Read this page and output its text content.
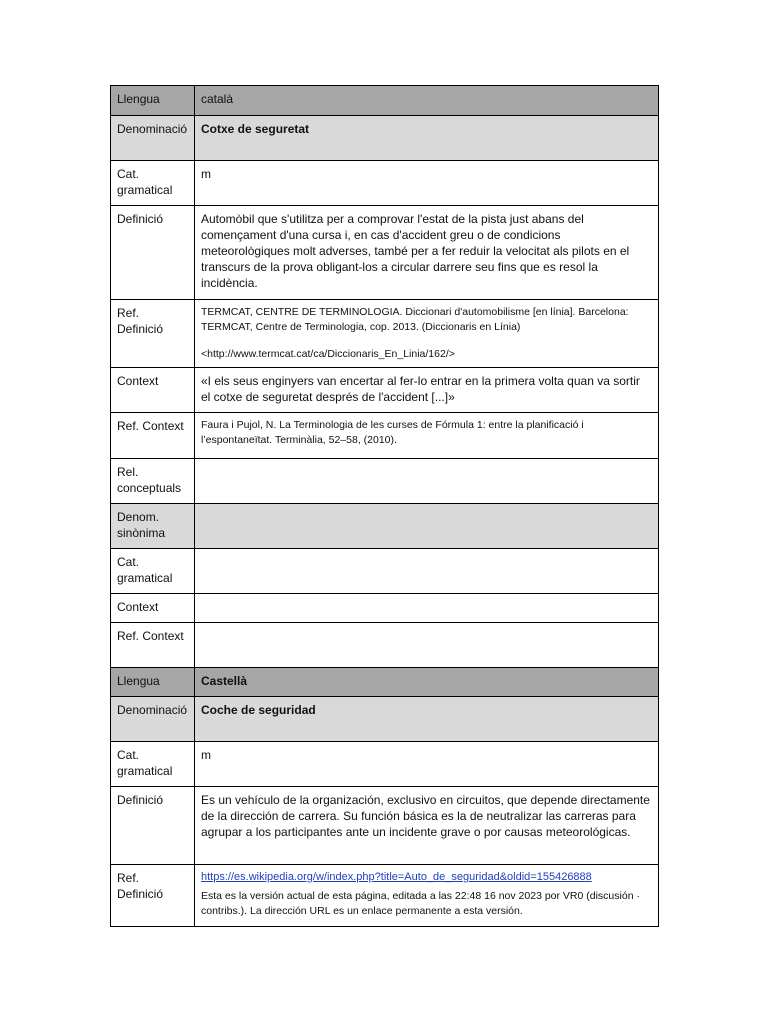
Llengua	català
Denominació	Cotxe de seguretat
Cat. gramatical	m
Definició	Automòbil que s'utilitza per a comprovar l'estat de la pista just abans del començament d'una cursa i, en cas d'accident greu o de condicions meteorològiques molt adverses, també per a fer reduir la velocitat als pilots en el transcurs de la prova obligant-los a circular darrere seu fins que es resol la incidència.
Ref. Definició	TERMCAT, CENTRE DE TERMINOLOGIA. Diccionari d'automobilisme [en línia]. Barcelona: TERMCAT, Centre de Terminologia, cop. 2013. (Diccionaris en Línia)
<http://www.termcat.cat/ca/Diccionaris_En_Linia/162/>

Context	«I els seus enginyers van encertar al fer-lo entrar en la primera volta quan va sortir el cotxe de seguretat després de l'accident [...]»
Ref. Context	Faura i Pujol, N. La Terminologia de les curses de Fórmula 1: entre la planificació i l’espontaneïtat. Terminàlia, 52–58, (2010).
Rel. conceptuals	
Denom. sinònima	
Cat. gramatical	
Context	
Ref. Context	
Llengua	Castellà
Denominació	Coche de seguridad
Cat. gramatical	m
Definició	Es un vehículo de la organización, exclusivo en circuitos, que depende directamente de la dirección de carrera. Su función básica es la de neutralizar las carreras para agrupar a los participantes ante un incidente grave o por causas meteorológicas.
Ref. Definició	https://es.wikipedia.org/w/index.php?title=Auto_de_seguridad&oldid=155426888
Esta es la versión actual de esta página, editada a las 22:48 16 nov 2023 por VR0 (discusión · contribs.). La dirección URL es un enlace permanente a esta versión.
